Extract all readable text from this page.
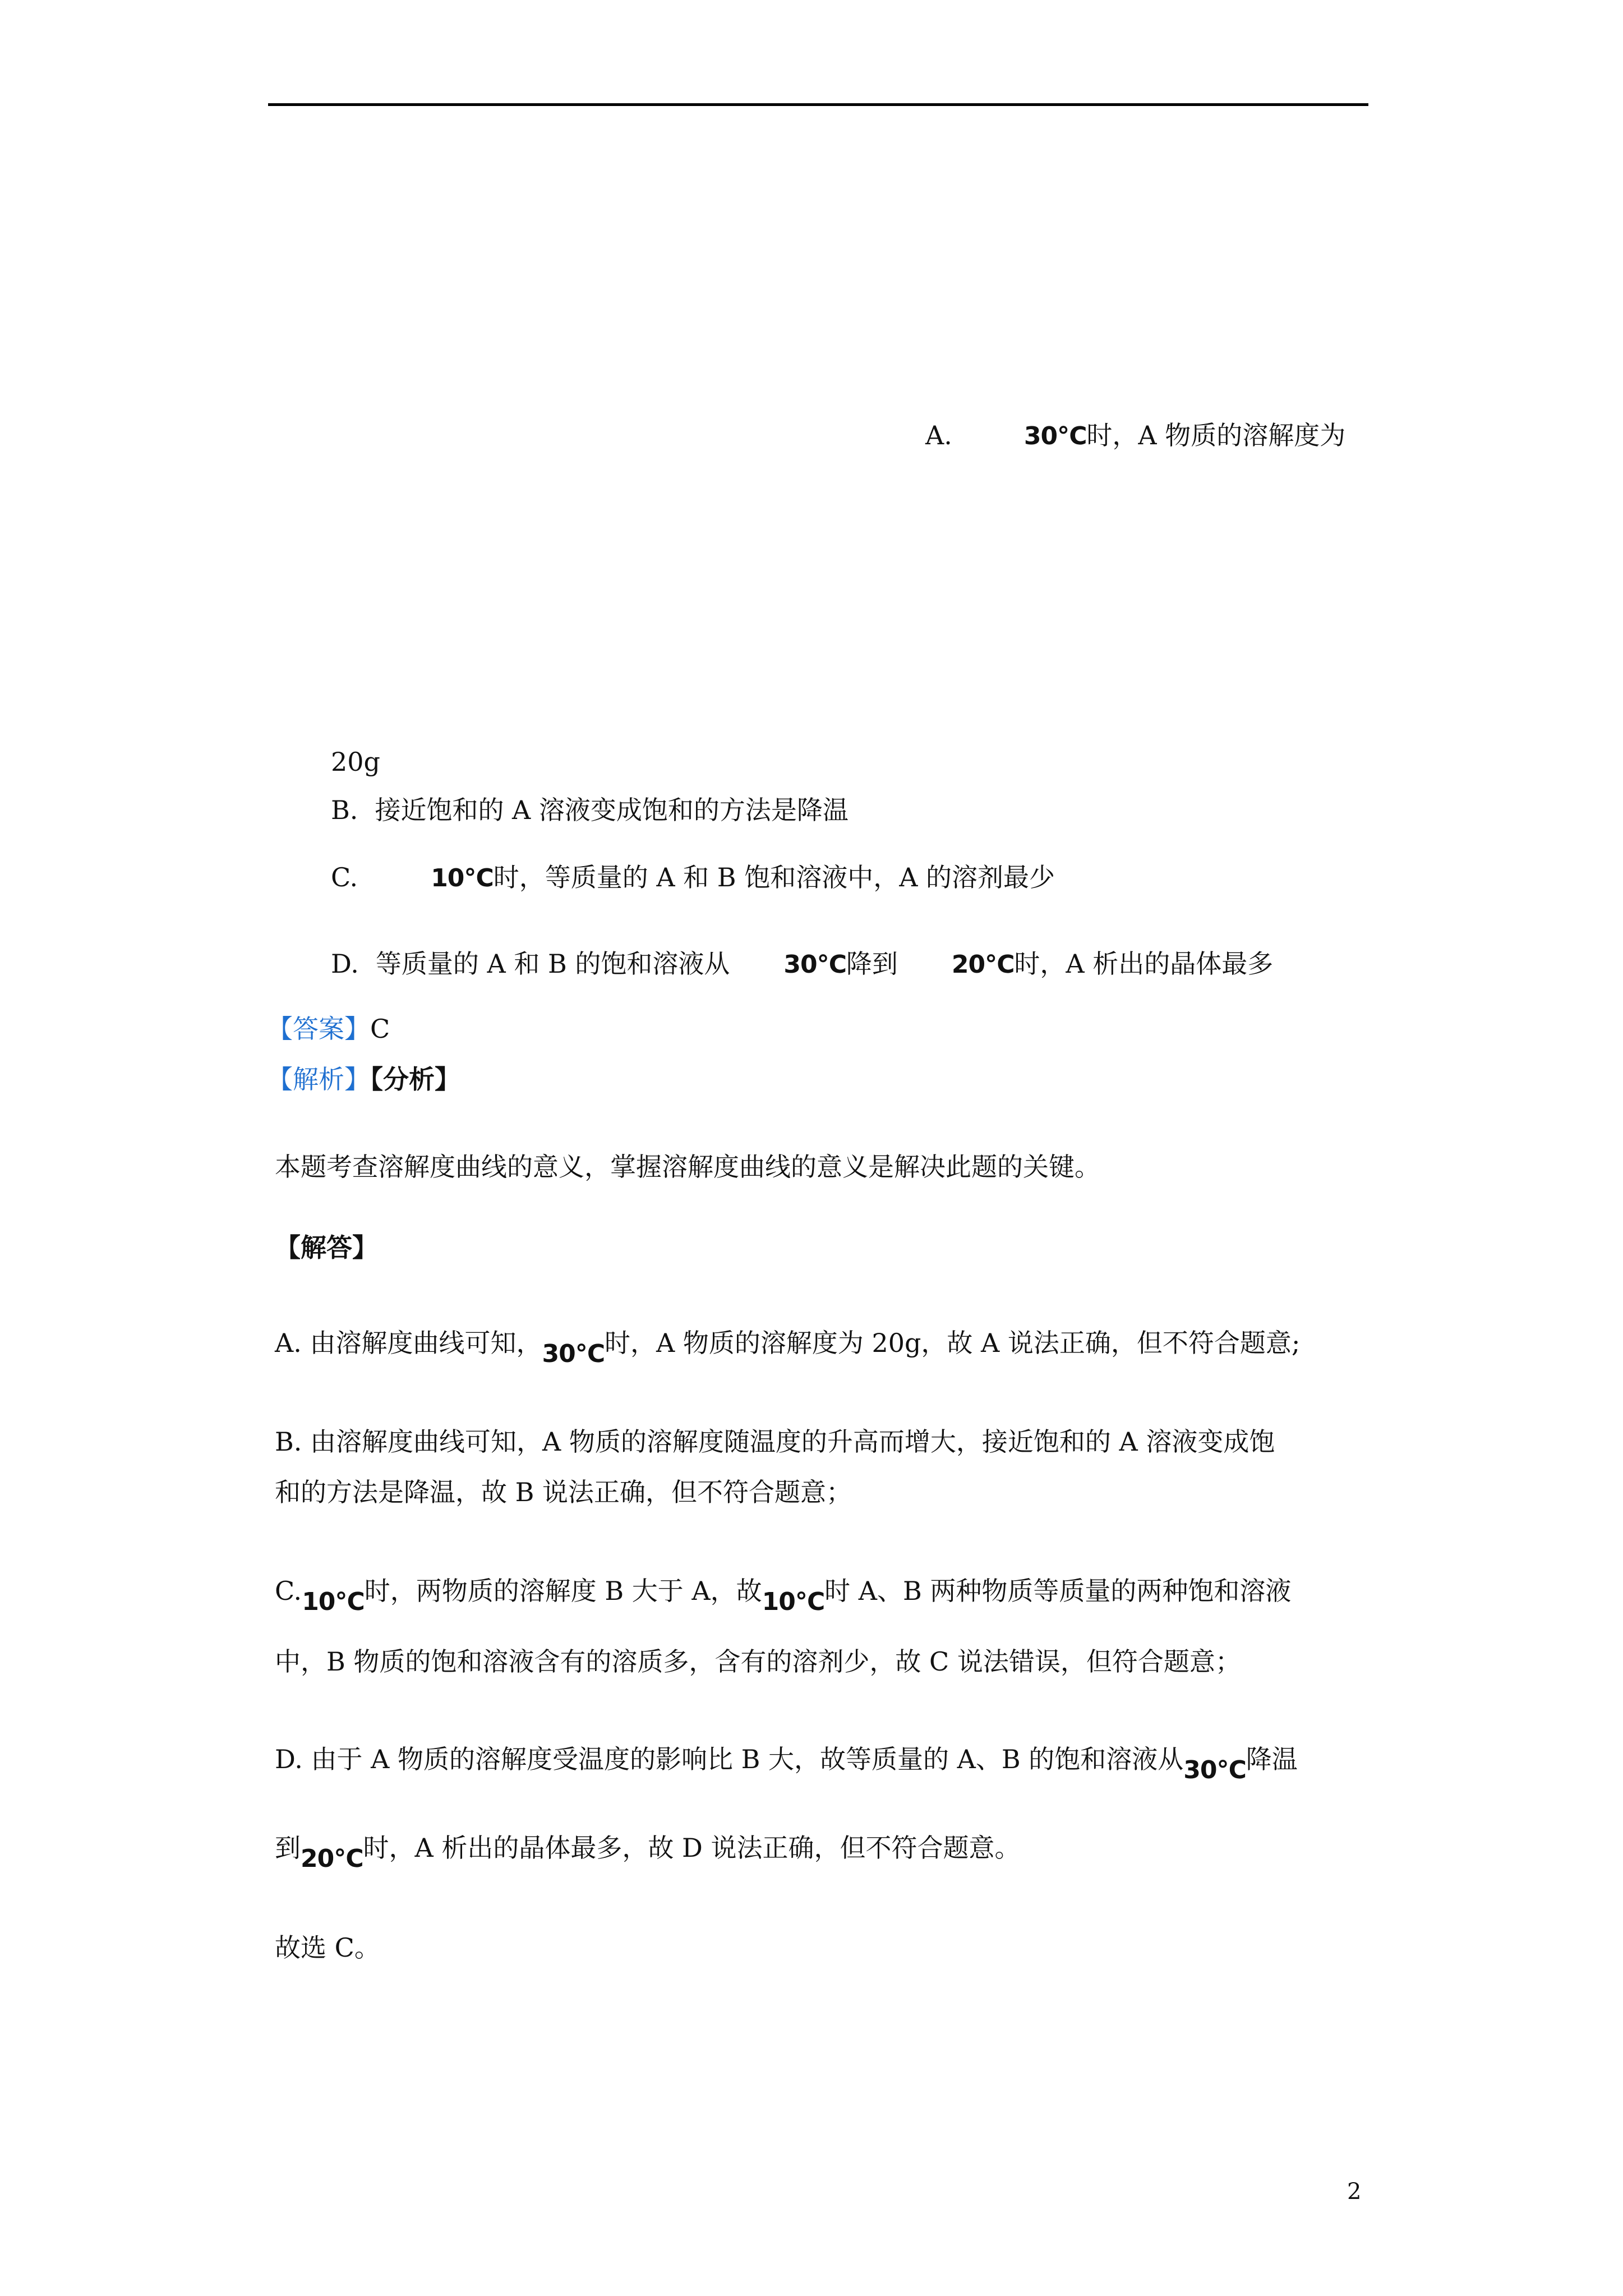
A.	30℃时，A 物质的溶解度为
20g
B. 接近饱和的 A 溶液变成饱和的方法是降温
C.	10℃时，等质量的 A 和 B 饱和溶液中，A 的溶剂最少
D. 等质量的 A 和 B 的饱和溶液从 30℃降到 20℃时，A 析出的晶体最多
【答案】C
【解析】【分析】
本题考查溶解度曲线的意义，掌握溶解度曲线的意义是解决此题的关键。
【解答】
A. 由溶解度曲线可知，30℃时，A 物质的溶解度为 20g，故 A 说法正确，但不符合题意;
B. 由溶解度曲线可知，A 物质的溶解度随温度的升高而增大，接近饱和的 A 溶液变成饱
和的方法是降温，故 B 说法正确，但不符合题意；
C.10℃时，两物质的溶解度 B 大于 A，故10℃时 A、B 两种物质等质量的两种饱和溶液
中，B 物质的饱和溶液含有的溶质多，含有的溶剂少，故 C 说法错误，但符合题意；
D. 由于 A 物质的溶解度受温度的影响比 B 大，故等质量的 A、B 的饱和溶液从30℃降温
到20℃时，A 析出的晶体最多，故 D 说法正确，但不符合题意。
故选 C。
2
